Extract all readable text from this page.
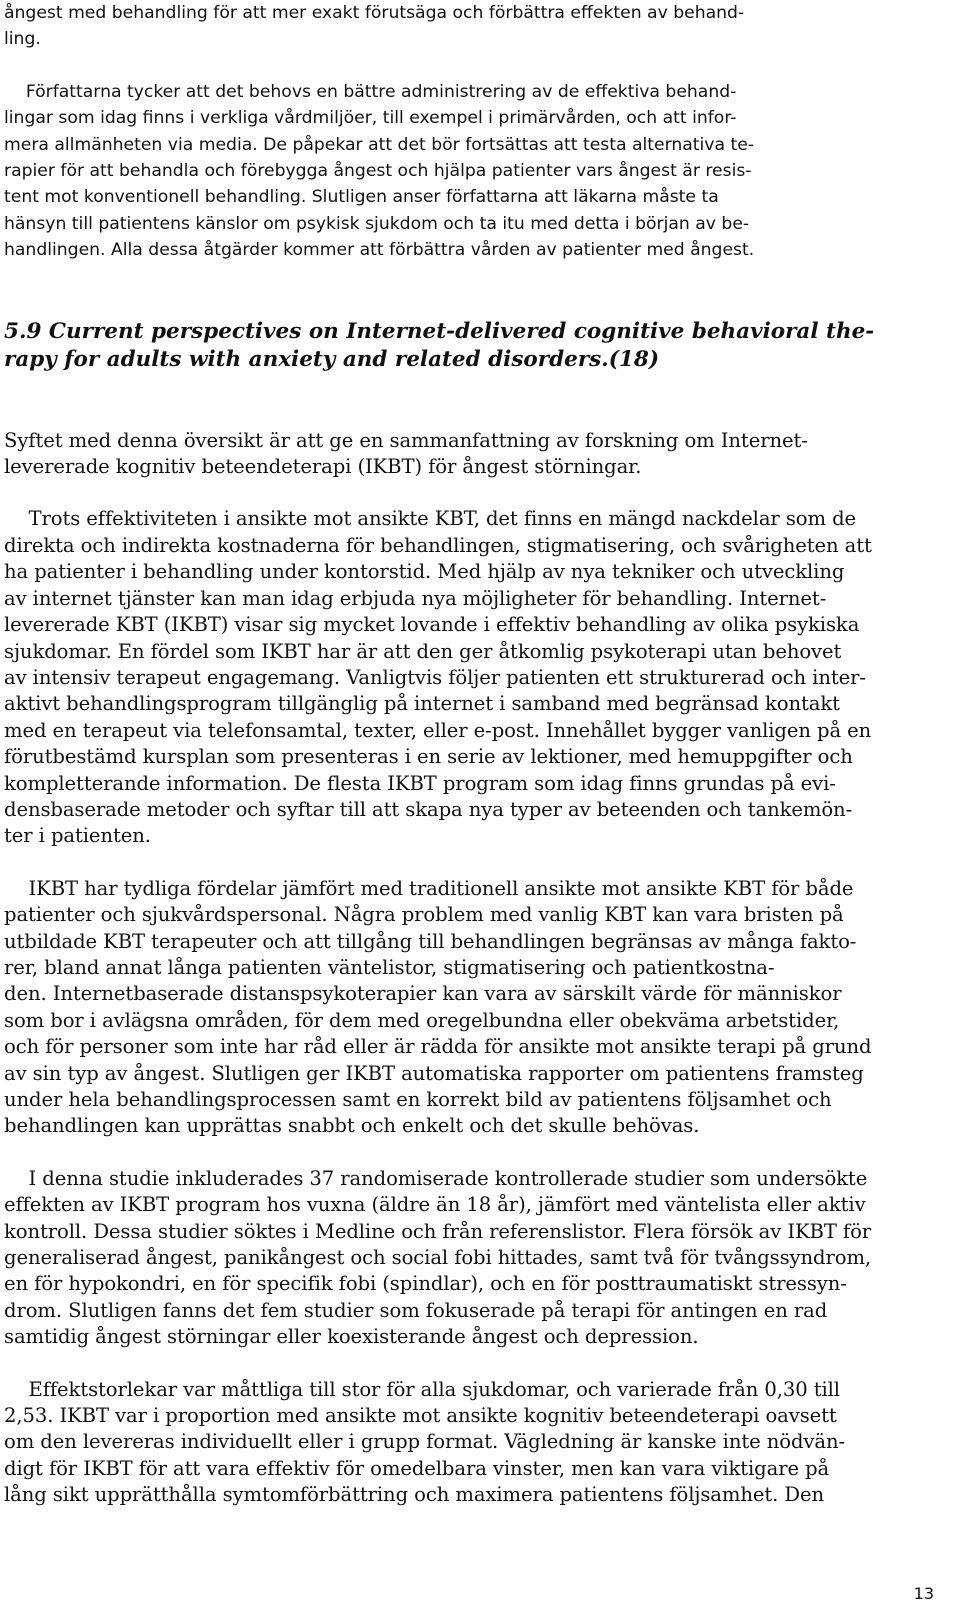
ångest med behandling för att mer exakt förutsäga och förbättra effekten av behand-
ling.
Författarna tycker att det behovs en bättre administrering av de effektiva behand-
lingar som idag finns i verkliga vårdmiljöer, till exempel i primärvården, och att infor-
mera allmänheten via media. De påpekar att det bör fortsättas att testa alternativa te-
rapier för att behandla och förebygga ångest och hjälpa patienter vars ångest är resis-
tent mot konventionell behandling. Slutligen anser författarna att läkarna måste ta
hänsyn till patientens känslor om psykisk sjukdom och ta itu med detta i början av be-
handlingen. Alla dessa åtgärder kommer att förbättra vården av patienter med ångest.
5.9 Current perspectives on Internet-delivered cognitive behavioral the-
rapy for adults with anxiety and related disorders.(18)
Syftet med denna översikt är att ge en sammanfattning av forskning om Internet-
levererade kognitiv beteendeterapi (IKBT) för ångest störningar.
Trots effektiviteten i ansikte mot ansikte KBT, det finns en mängd nackdelar som de
direkta och indirekta kostnaderna för behandlingen, stigmatisering, och svårigheten att
ha patienter i behandling under kontorstid. Med hjälp av nya tekniker och utveckling
av internet tjänster kan man idag erbjuda nya möjligheter för behandling. Internet-
levererade KBT (IKBT) visar sig mycket lovande i effektiv behandling av olika psykiska
sjukdomar. En fördel som IKBT har är att den ger åtkomlig psykoterapi utan behovet
av intensiv terapeut engagemang. Vanligtvis följer patienten ett strukturerad och inter-
aktivt behandlingsprogram tillgänglig på internet i samband med begränsad kontakt
med en terapeut via telefonsamtal, texter, eller e-post. Innehållet bygger vanligen på en
förutbestämd kursplan som presenteras i en serie av lektioner, med hemuppgifter och
kompletterande information. De flesta IKBT program som idag finns grundas på evi-
densbaserade metoder och syftar till att skapa nya typer av beteenden och tankemön-
ter i patienten.
IKBT har tydliga fördelar jämfört med traditionell ansikte mot ansikte KBT för både
patienter och sjukvårdspersonal. Några problem med vanlig KBT kan vara bristen på
utbildade KBT terapeuter och att tillgång till behandlingen begränsas av många fakto-
rer, bland annat långa patienten väntelistor, stigmatisering och patientkostna-
den. Internetbaserade distanspsykoterapier kan vara av särskilt värde för människor
som bor i avlägsna områden, för dem med oregelbundna eller obekväma arbetstider,
och för personer som inte har råd eller är rädda för ansikte mot ansikte terapi på grund
av sin typ av ångest. Slutligen ger IKBT automatiska rapporter om patientens framsteg
under hela behandlingsprocessen samt en korrekt bild av patientens följsamhet och
behandlingen kan upprättas snabbt och enkelt och det skulle behövas.
I denna studie inkluderades 37 randomiserade kontrollerade studier som undersökte
effekten av IKBT program hos vuxna (äldre än 18 år), jämfört med väntelista eller aktiv
kontroll. Dessa studier söktes i Medline och från referenslistor. Flera försök av IKBT för
generaliserad ångest, panikångest och social fobi hittades, samt två för tvångssyndrom,
en för hypokondri, en för specifik fobi (spindlar), och en för posttraumatiskt stressyn-
drom. Slutligen fanns det fem studier som fokuserade på terapi för antingen en rad
samtidig ångest störningar eller koexisterande ångest och depression.
Effektstorlekar var måttliga till stor för alla sjukdomar, och varierade från 0,30 till
2,53. IKBT var i proportion med ansikte mot ansikte kognitiv beteendeterapi oavsett
om den levereras individuellt eller i grupp format. Vägledning är kanske inte nödvän-
digt för IKBT för att vara effektiv för omedelbara vinster, men kan vara viktigare på
lång sikt upprätthålla symtomförbättring och maximera patientens följsamhet. Den
13
